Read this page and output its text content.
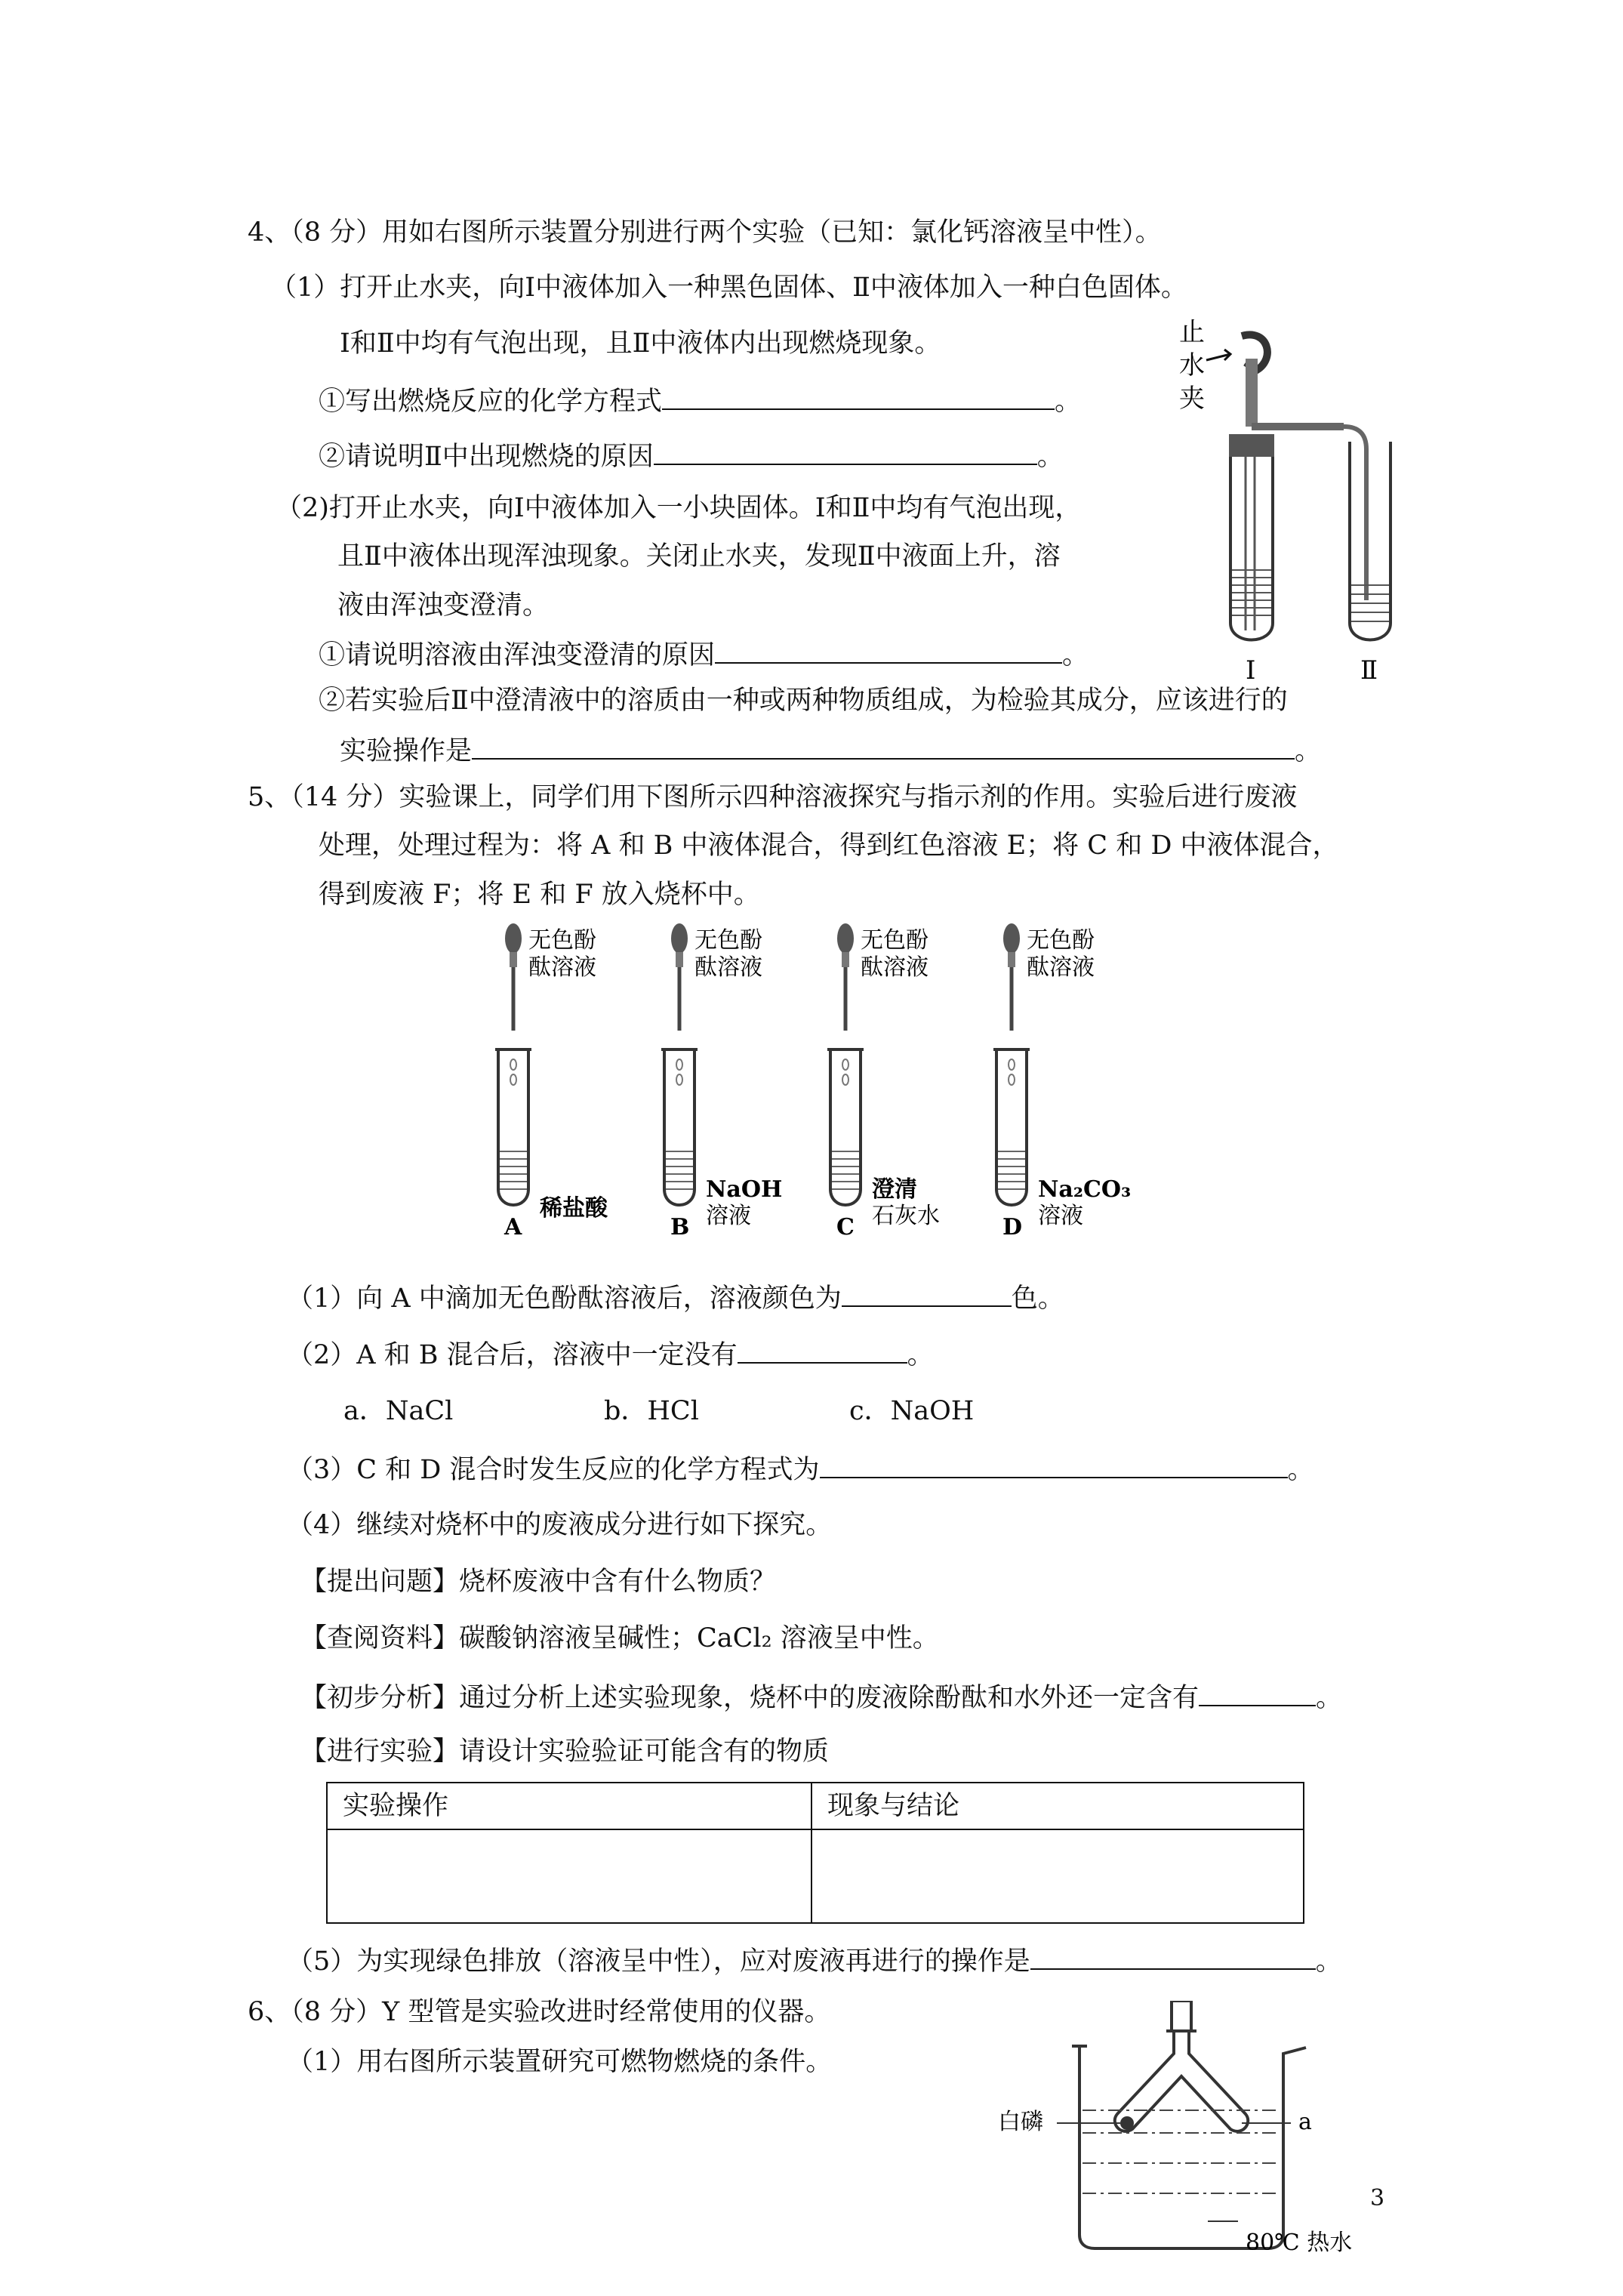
4、（8 分）用如右图所示装置分别进行两个实验（已知：氯化钙溶液呈中性）。
（1）打开止水夹，向Ⅰ中液体加入一种黑色固体、Ⅱ中液体加入一种白色固体。
Ⅰ和Ⅱ中均有气泡出现，且Ⅱ中液体内出现燃烧现象。
①写出燃烧反应的化学方程式	。
②请说明Ⅱ中出现燃烧的原因	。
（2)打开止水夹，向Ⅰ中液体加入一小块固体。Ⅰ和Ⅱ中均有气泡出现，
且Ⅱ中液体出现浑浊现象。关闭止水夹，发现Ⅱ中液面上升，溶
液由浑浊变澄清。
①请说明溶液由浑浊变澄清的原因	。
②若实验后Ⅱ中澄清液中的溶质由一种或两种物质组成，为检验其成分，应该进行的
实验操作是	。
止
水
夹
Ⅰ	Ⅱ
5、（14 分）实验课上，同学们用下图所示四种溶液探究与指示剂的作用。实验后进行废液
处理，处理过程为：将 A 和 B 中液体混合，得到红色溶液 E；将 C 和 D 中液体混合，
得到废液 F；将 E 和 F 放入烧杯中。
无色酚
酞溶液
A
稀盐酸
无色酚
酞溶液
B
NaOH
溶液
无色酚
酞溶液
C
澄清
石灰水
无色酚
酞溶液
D
Na₂CO₃
溶液
（1）向 A 中滴加无色酚酞溶液后，溶液颜色为	色。
（2）A 和 B 混合后，溶液中一定没有	。
a．NaCl	b．HCl	c．NaOH
（3）C 和 D 混合时发生反应的化学方程式为	。
（4）继续对烧杯中的废液成分进行如下探究。
【提出问题】烧杯废液中含有什么物质？
【查阅资料】碳酸钠溶液呈碱性；CaCl₂ 溶液呈中性。
【初步分析】通过分析上述实验现象，烧杯中的废液除酚酞和水外还一定含有	。
【进行实验】请设计实验验证可能含有的物质
实验操作	现象与结论

（5）为实现绿色排放（溶液呈中性），应对废液再进行的操作是	。
6、（8 分）Y 型管是实验改进时经常使用的仪器。
（1）用右图所示装置研究可燃物燃烧的条件。
白磷	a
80℃ 热水
3
